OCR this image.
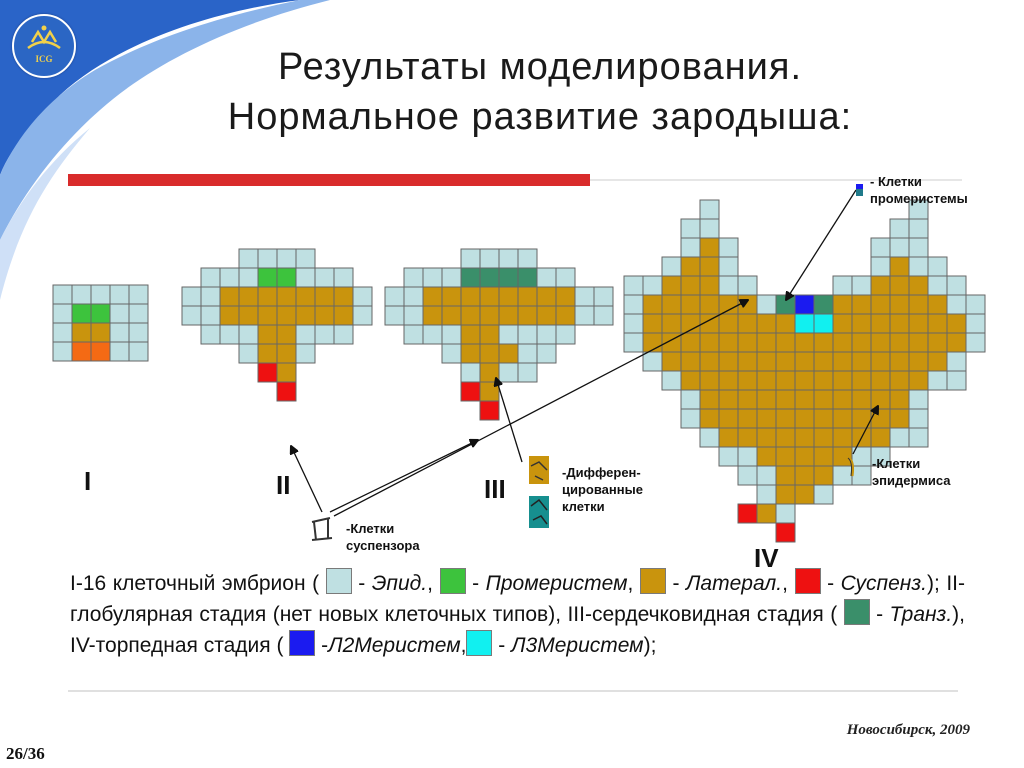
ICG	Результаты моделирования.
Нормальное развитие зародыша:
I	II	III
IV
-Клетки
суспензора
-Дифферен-
цированные
клетки
- Клетки
промеристемы
-Клетки
эпидермиса
I-16 клеточный эмбрион (  - Эпид.,  - Промеристем,  - Латерал.,  - Суспенз.); II-глобулярная стадия (нет новых клеточных типов), III-сердечковидная стадия (  - Транз.), IV-торпедная стадия (  -Л2Меристем, - Л3Меристем);
Новосибирск, 2009
26/36
